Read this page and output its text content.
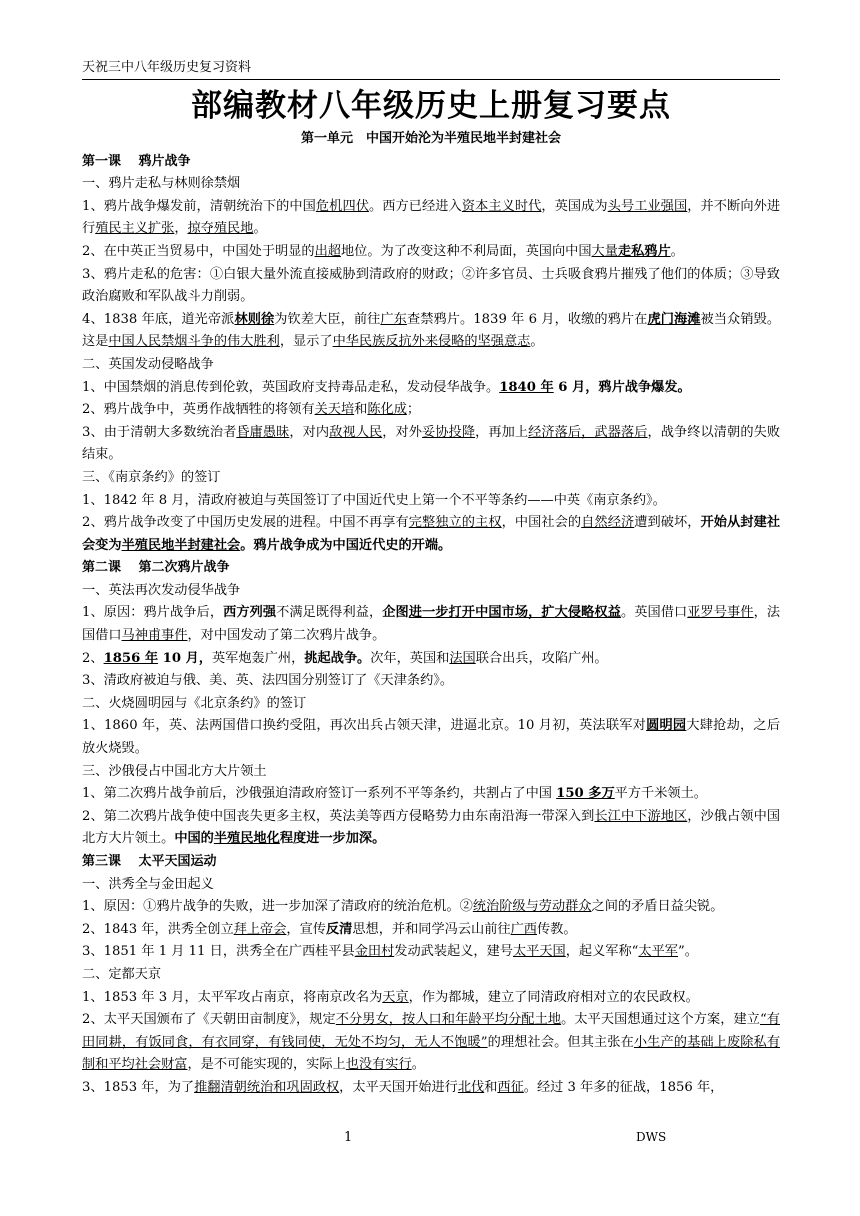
天祝三中八年级历史复习资料
部编教材八年级历史上册复习要点
第一单元　中国开始沦为半殖民地半封建社会

第一课　 鸦片战争

一、鸦片走私与林则徐禁烟

1、鸦片战争爆发前，清朝统治下的中国危机四伏。西方已经进入资本主义时代，英国成为头号工业强国，并不断向外进行殖民主义扩张，掠夺殖民地。

2、在中英正当贸易中，中国处于明显的出超地位。为了改变这种不利局面，英国向中国大量走私鸦片。

3、鸦片走私的危害：①白银大量外流直接威胁到清政府的财政；②许多官员、士兵吸食鸦片摧残了他们的体质；③导致政治腐败和军队战斗力削弱。

4、1838 年底，道光帝派林则徐为钦差大臣，前往广东查禁鸦片。1839 年 6 月，收缴的鸦片在虎门海滩被当众销毁。这是中国人民禁烟斗争的伟大胜利，显示了中华民族反抗外来侵略的坚强意志。

二、英国发动侵略战争

1、中国禁烟的消息传到伦敦，英国政府支持毒品走私，发动侵华战争。1840 年 6 月，鸦片战争爆发。

2、鸦片战争中，英勇作战牺牲的将领有关天培和陈化成；

3、由于清朝大多数统治者昏庸愚昧，对内敌视人民，对外妥协投降，再加上经济落后，武器落后，战争终以清朝的失败结束。

三、《南京条约》的签订

1、1842 年 8 月，清政府被迫与英国签订了中国近代史上第一个不平等条约——中英《南京条约》。

2、鸦片战争改变了中国历史发展的进程。中国不再享有完整独立的主权，中国社会的自然经济遭到破坏，开始从封建社会变为半殖民地半封建社会。鸦片战争成为中国近代史的开端。

第二课　 第二次鸦片战争

一、英法再次发动侵华战争

1、原因：鸦片战争后，西方列强不满足既得利益，企图进一步打开中国市场，扩大侵略权益。英国借口亚罗号事件，法国借口马神甫事件，对中国发动了第二次鸦片战争。

2、1856 年 10 月，英军炮轰广州，挑起战争。次年，英国和法国联合出兵，攻陷广州。

3、清政府被迫与俄、美、英、法四国分别签订了《天津条约》。

二、火烧圆明园与《北京条约》的签订

1、1860 年，英、法两国借口换约受阻，再次出兵占领天津，进逼北京。10 月初，英法联军对圆明园大肆抢劫，之后放火烧毁。

三、沙俄侵占中国北方大片领土

1、第二次鸦片战争前后，沙俄强迫清政府签订一系列不平等条约，共割占了中国 150 多万平方千米领土。

2、第二次鸦片战争使中国丧失更多主权，英法美等西方侵略势力由东南沿海一带深入到长江中下游地区，沙俄占领中国北方大片领土。中国的半殖民地化程度进一步加深。

第三课　 太平天国运动

一、洪秀全与金田起义

1、原因：①鸦片战争的失败，进一步加深了清政府的统治危机。②统治阶级与劳动群众之间的矛盾日益尖锐。

2、1843 年，洪秀全创立拜上帝会，宣传反清思想，并和同学冯云山前往广西传教。

3、1851 年 1 月 11 日，洪秀全在广西桂平县金田村发动武装起义，建号太平天国，起义军称“太平军”。

二、定都天京

1、1853 年 3 月，太平军攻占南京，将南京改名为天京，作为都城，建立了同清政府相对立的农民政权。

2、太平天国颁布了《天朝田亩制度》，规定不分男女，按人口和年龄平均分配土地。太平天国想通过这个方案，建立“有田同耕，有饭同食，有衣同穿，有钱同使，无处不均匀，无人不饱暖”的理想社会。但其主张在小生产的基础上废除私有制和平均社会财富，是不可能实现的，实际上也没有实行。

3、1853 年，为了推翻清朝统治和巩固政权，太平天国开始进行北伐和西征。经过 3 年多的征战，1856 年，

1	DWS
